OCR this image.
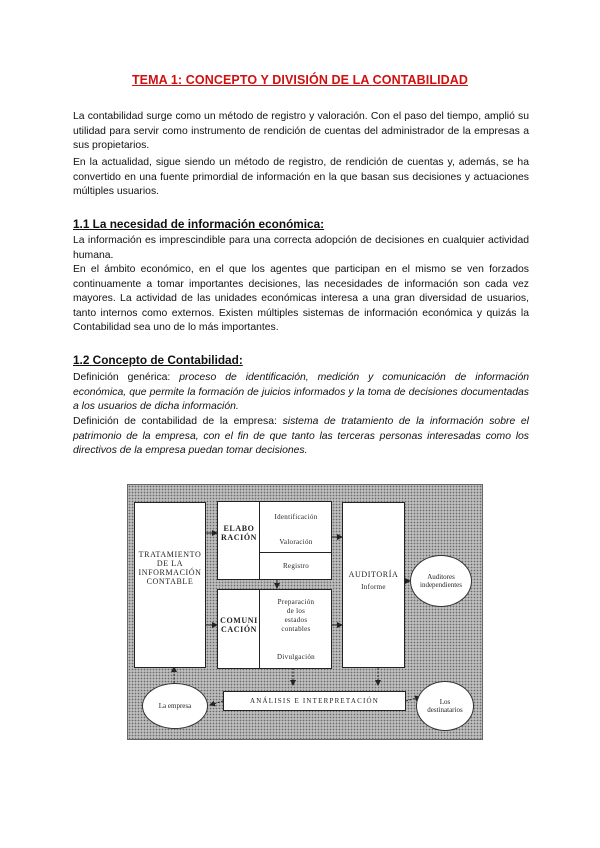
TEMA 1: CONCEPTO Y DIVISIÓN DE LA CONTABILIDAD
La contabilidad surge como un método de registro y valoración. Con el paso del tiempo, amplió su utilidad para servir como instrumento de rendición de cuentas del administrador de la empresas a sus propietarios.
En la actualidad, sigue siendo un método de registro, de rendición de cuentas y, además, se ha convertido en una fuente primordial de información en la que basan sus decisiones y actuaciones múltiples usuarios.
1.1 La necesidad de información económica:
La información es imprescindible para una correcta adopción de decisiones en cualquier actividad humana.
En el ámbito económico, en el que los agentes que participan en el mismo se ven forzados continuamente a tomar importantes decisiones, las necesidades de información son cada vez mayores. La actividad de las unidades económicas interesa a una gran diversidad de usuarios, tanto internos como externos. Existen múltiples sistemas de información económica y quizás la Contabilidad sea uno de lo más importantes.
1.2 Concepto de Contabilidad:
Definición genérica: proceso de identificación, medición y comunicación de información económica, que permite la formación de juicios informados y la toma de decisiones documentadas a los usuarios de dicha información.
Definición de contabilidad de la empresa: sistema de tratamiento de la información sobre el patrimonio de la empresa, con el fin de que tanto las terceras personas interesadas como los directivos de la empresa puedan tomar decisiones.
TRATAMIENTO
DE LA
INFORMACIÓN
CONTABLE
ELABO
RACIÓN
Identificación
Valoración
Registro
COMUNI
CACIÓN
Preparación
de los
estados
contables
Divulgación
AUDITORÍA
Informe
Auditores
independientes
La empresa
ANÁLISIS E INTERPRETACIÓN	Los
destinatarios
